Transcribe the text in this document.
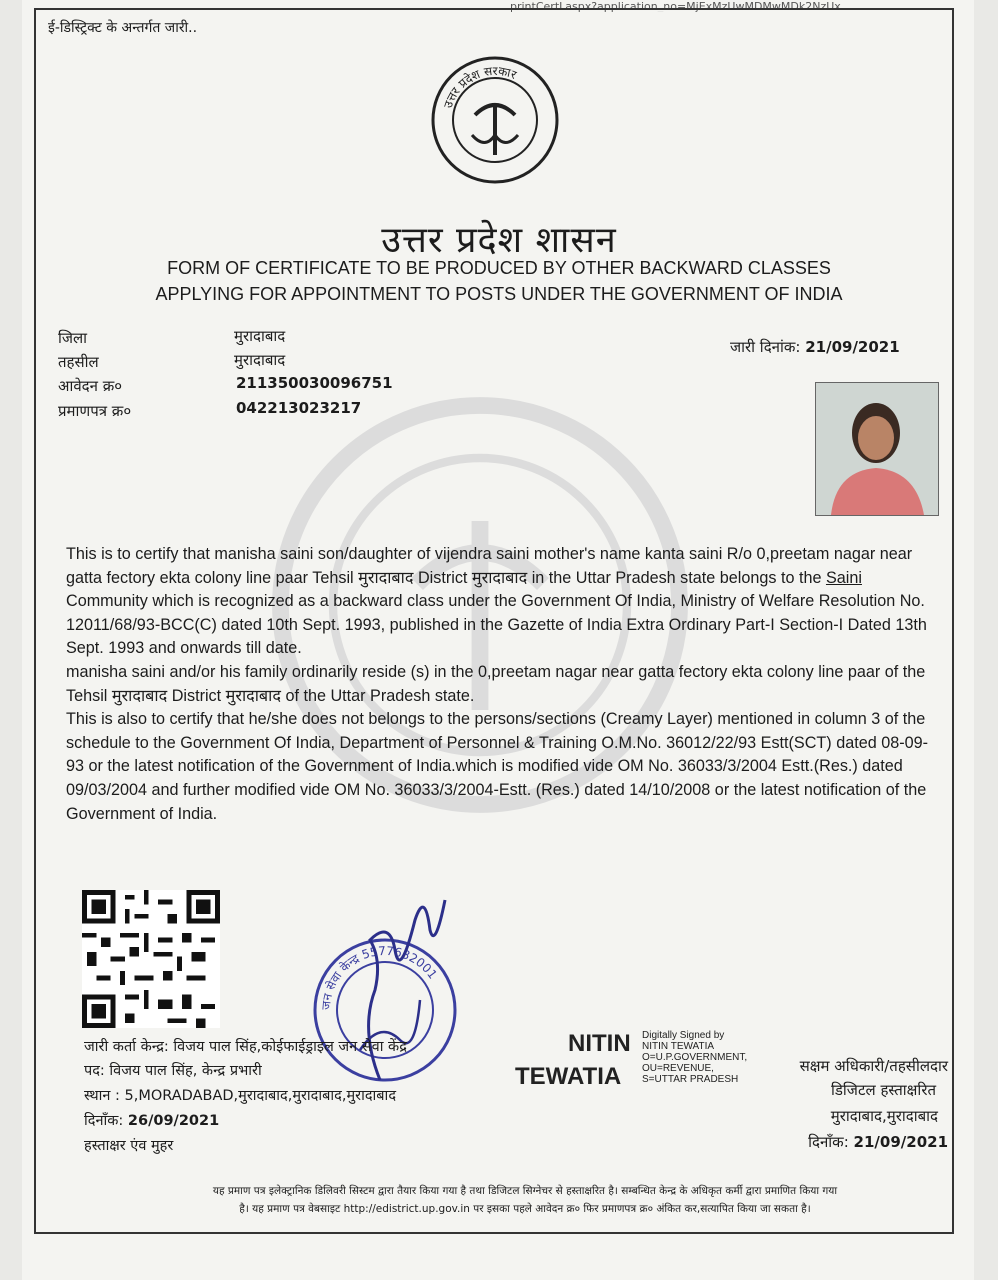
printCertLaspx?application_no=MjExMzUwMDMwMDk2NzUx
ई-डिस्ट्रिक्ट के अन्तर्गत जारी..
उत्तर प्रदेश सरकार
उत्तर प्रदेश शासन
FORM OF CERTIFICATE TO BE PRODUCED BY OTHER BACKWARD CLASSES
APPLYING FOR APPOINTMENT TO POSTS UNDER THE GOVERNMENT OF INDIA
जिला	मुरादाबाद
तहसील	मुरादाबाद
आवेदन क्र०	211350030096751
प्रमाणपत्र क्र०	042213023217
जारी दिनांक: 21/09/2021

This is to certify that manisha saini son/daughter of vijendra saini mother's name kanta saini R/o 0,preetam nagar near gatta fectory ekta colony line paar Tehsil मुरादाबाद District मुरादाबाद in the Uttar Pradesh state belongs to the Saini Community which is recognized as a backward class under the Government Of India, Ministry of Welfare Resolution No. 12011/68/93-BCC(C) dated 10th Sept. 1993, published in the Gazette of India Extra Ordinary Part-I Section-I Dated 13th Sept. 1993 and onwards till date.

manisha saini and/or his family ordinarily reside (s) in the 0,preetam nagar near gatta fectory ekta colony line paar of the Tehsil मुरादाबाद District मुरादाबाद of the Uttar Pradesh state.

This is also to certify that he/she does not belongs to the persons/sections (Creamy Layer) mentioned in column 3 of the schedule to the Government Of India, Department of Personnel & Training O.M.No. 36012/22/93 Estt(SCT) dated 08-09-93 or the latest notification of the Government of India.which is modified vide OM No. 36033/3/2004 Estt.(Res.) dated 09/03/2004 and further modified vide OM No. 36033/3/2004-Estt. (Res.) dated 14/10/2008 or the latest notification of the Government of India.

जन सेवा केन्द्र 5577632001
जारी कर्ता केन्द्र: विजय पाल सिंह,कोईफाईड्राइल जन सेवा केंद्र
पद: विजय पाल सिंह, केन्द्र प्रभारी
स्थान : 5,MORADABAD,मुरादाबाद,मुरादाबाद,मुरादाबाद
दिनाँक: 26/09/2021
हस्ताक्षर एंव मुहर
NITIN
TEWATIA
Digitally Signed by
NITIN TEWATIA
O=U.P.GOVERNMENT,
OU=REVENUE,
S=UTTAR PRADESH
सक्षम अधिकारी/तहसीलदार
डिजिटल हस्ताक्षरित
मुरादाबाद,मुरादाबाद
दिनाँक: 21/09/2021
यह प्रमाण पत्र इलेक्ट्रानिक डिलिवरी सिस्टम द्वारा तैयार किया गया है तथा डिजिटल सिग्नेचर से हस्ताक्षरित है। सम्बन्धित केन्द्र के अधिकृत कर्मी द्वारा प्रमाणित किया गया
है। यह प्रमाण पत्र वेबसाइट http://edistrict.up.gov.in पर इसका पहले आवेदन क्र० फिर प्रमाणपत्र क्र० अंकित कर,सत्यापित किया जा सकता है।
